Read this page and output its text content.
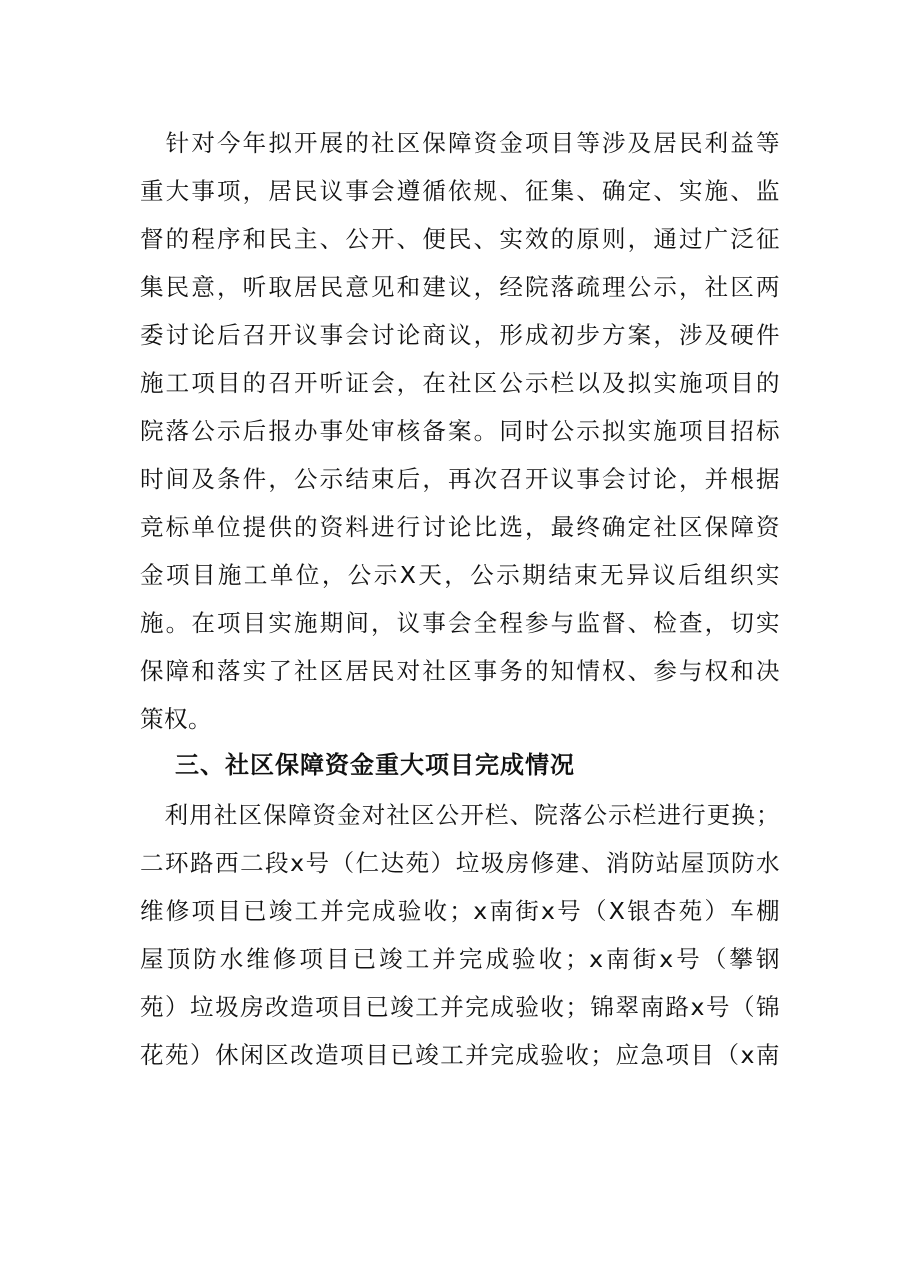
　针对今年拟开展的社区保障资金项目等涉及居民利益等
重大事项，居民议事会遵循依规、征集、确定、实施、监
督的程序和民主、公开、便民、实效的原则，通过广泛征
集民意，听取居民意见和建议，经院落疏理公示，社区两
委讨论后召开议事会讨论商议，形成初步方案，涉及硬件
施工项目的召开听证会，在社区公示栏以及拟实施项目的
院落公示后报办事处审核备案。同时公示拟实施项目招标
时间及条件，公示结束后，再次召开议事会讨论，并根据
竞标单位提供的资料进行讨论比选，最终确定社区保障资
金项目施工单位，公示X天，公示期结束无异议后组织实
施。在项目实施期间，议事会全程参与监督、检查，切实
保障和落实了社区居民对社区事务的知情权、参与权和决
策权。
三、社区保障资金重大项目完成情况
　利用社区保障资金对社区公开栏、院落公示栏进行更换；
二环路西二段x号（仁达苑）垃圾房修建、消防站屋顶防水
维修项目已竣工并完成验收；x南街x号（X银杏苑）车棚
屋顶防水维修项目已竣工并完成验收；x南街x号（攀钢
苑）垃圾房改造项目已竣工并完成验收；锦翠南路x号（锦
花苑）休闲区改造项目已竣工并完成验收；应急项目（x南
